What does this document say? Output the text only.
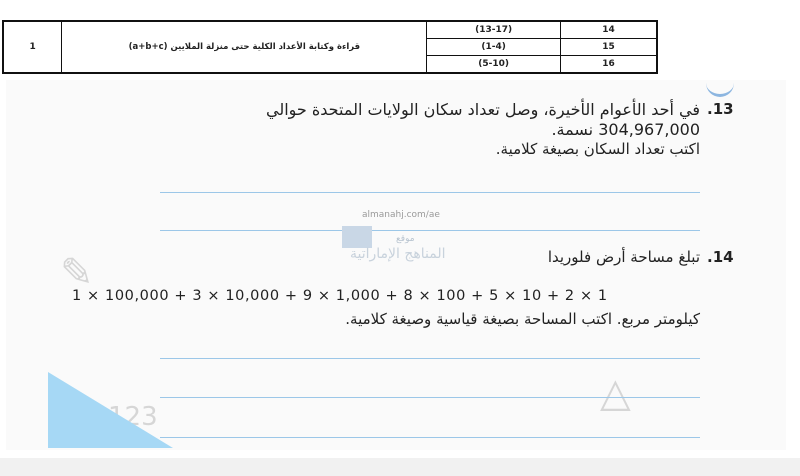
123
✎
△
1	قراءة وكتابة الأعداد الكلية حتى منزلة الملايين (a+b+c)	(13-17)	14
		(1-4)	15
		(5-10)	16
.13
في أحد الأعوام الأخيرة، وصل تعداد سكان الولايات المتحدة حوالي
304,967,000 نسمة.
اكتب تعداد السكان بصيغة كلامية.
almanahj.com/ae
موقع
المناهج الإماراتية	.14
تبلغ مساحة أرض فلوريدا
1 × 100,000 + 3 × 10,000 + 9 × 1,000 + 8 × 100 + 5 × 10 + 2 × 1
كيلومتر مربع. اكتب المساحة بصيغة قياسية وصيغة كلامية.
